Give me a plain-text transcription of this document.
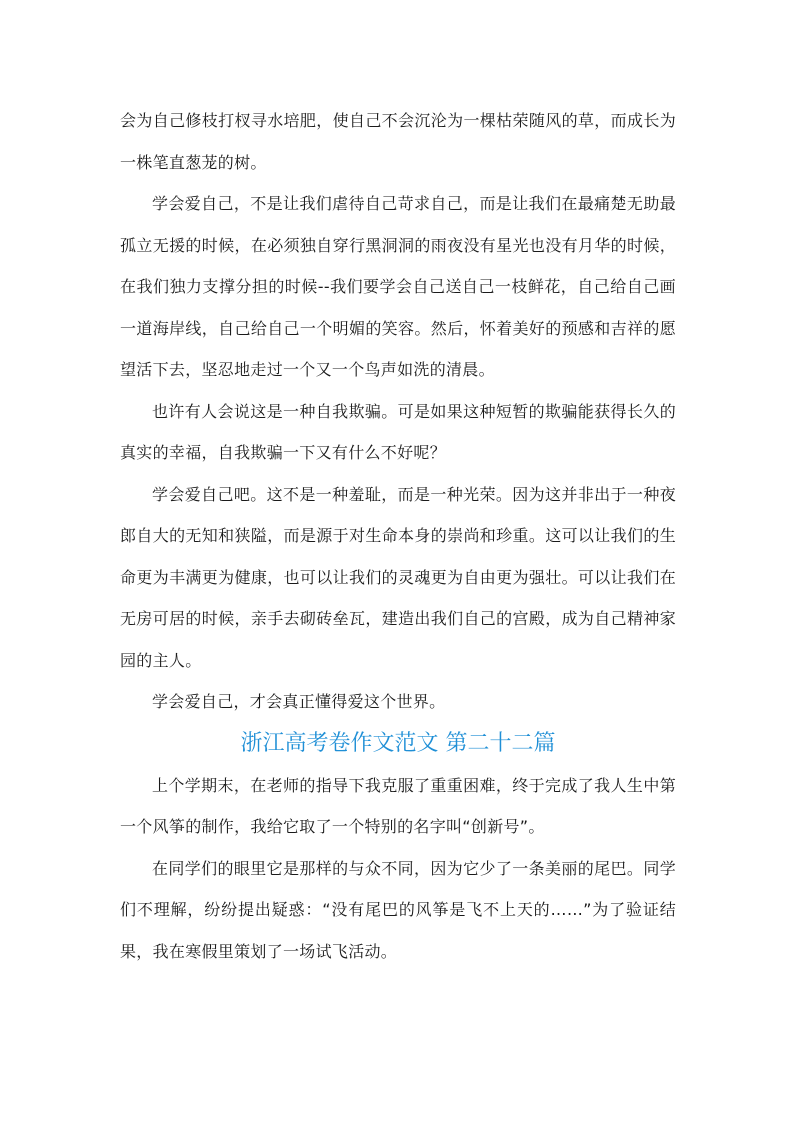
会为自己修枝打杈寻水培肥，使自己不会沉沦为一棵枯荣随风的草，而成长为一株笔直葱茏的树。

学会爱自己，不是让我们虐待自己苛求自己，而是让我们在最痛楚无助最孤立无援的时候，在必须独自穿行黑洞洞的雨夜没有星光也没有月华的时候，在我们独力支撑分担的时候--我们要学会自己送自己一枝鲜花，自己给自己画一道海岸线，自己给自己一个明媚的笑容。然后，怀着美好的预感和吉祥的愿望活下去，坚忍地走过一个又一个鸟声如洗的清晨。

也许有人会说这是一种自我欺骗。可是如果这种短暂的欺骗能获得长久的真实的幸福，自我欺骗一下又有什么不好呢？

学会爱自己吧。这不是一种羞耻，而是一种光荣。因为这并非出于一种夜郎自大的无知和狭隘，而是源于对生命本身的崇尚和珍重。这可以让我们的生命更为丰满更为健康，也可以让我们的灵魂更为自由更为强壮。可以让我们在无房可居的时候，亲手去砌砖垒瓦，建造出我们自己的宫殿，成为自己精神家园的主人。

学会爱自己，才会真正懂得爱这个世界。

浙江高考卷作文范文 第二十二篇

上个学期末，在老师的指导下我克服了重重困难，终于完成了我人生中第一个风筝的制作，我给它取了一个特别的名字叫“创新号”。

在同学们的眼里它是那样的与众不同，因为它少了一条美丽的尾巴。同学们不理解，纷纷提出疑惑：“没有尾巴的风筝是飞不上天的……”为了验证结果，我在寒假里策划了一场试飞活动。
